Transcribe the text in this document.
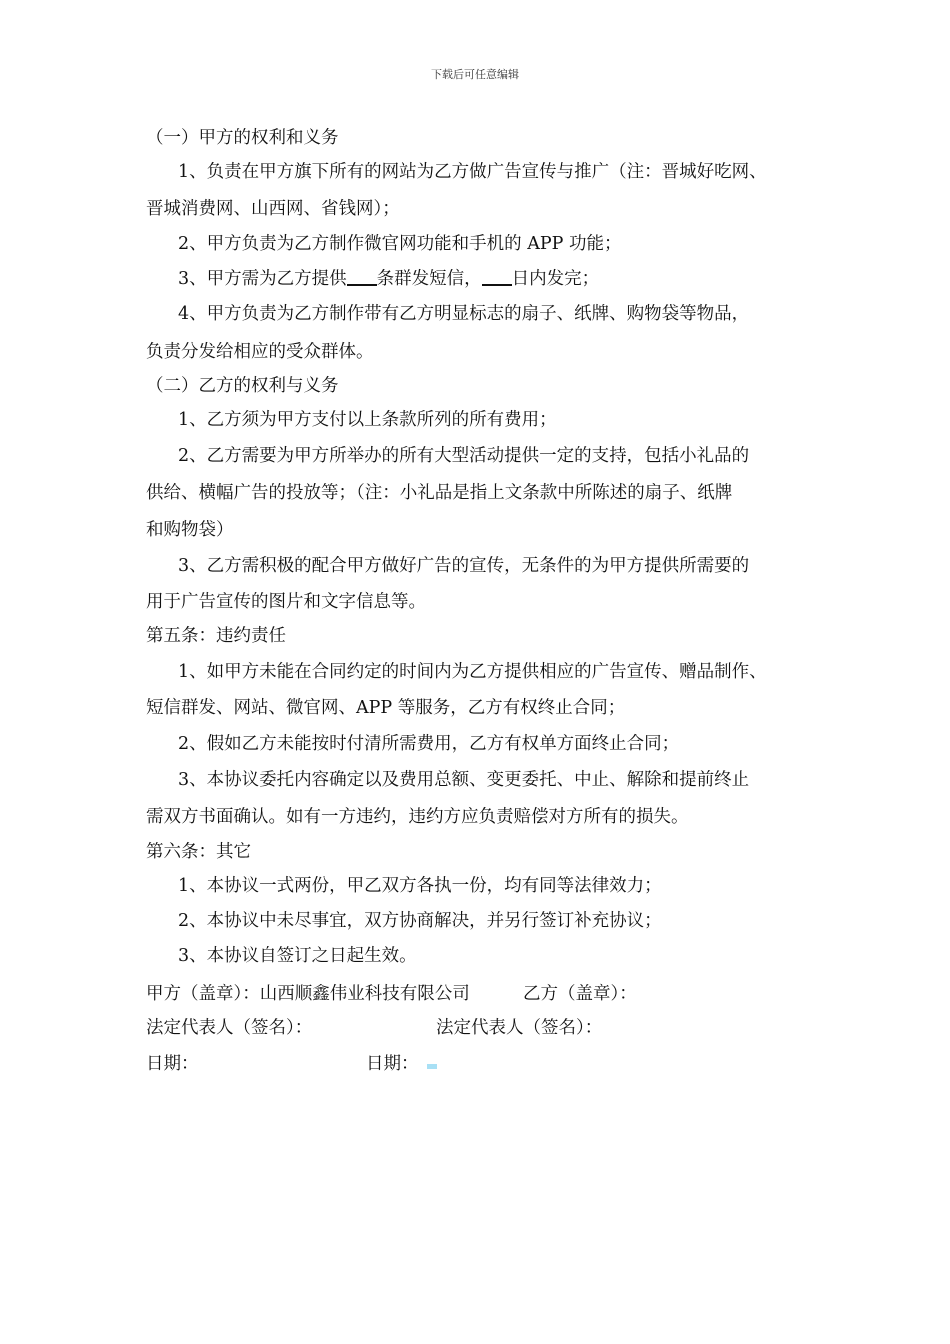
下载后可任意编辑
（一）甲方的权利和义务
1、负责在甲方旗下所有的网站为乙方做广告宣传与推广（注：晋城好吃网、
晋城消费网、山西网、省钱网）；
2、甲方负责为乙方制作微官网功能和手机的 APP 功能；
3、甲方需为乙方提供 条群发短信， 日内发完；
4、甲方负责为乙方制作带有乙方明显标志的扇子、纸牌、购物袋等物品，
负责分发给相应的受众群体。
（二）乙方的权利与义务
1、乙方须为甲方支付以上条款所列的所有费用；
2、乙方需要为甲方所举办的所有大型活动提供一定的支持，包括小礼品的
供给、横幅广告的投放等；（注：小礼品是指上文条款中所陈述的扇子、纸牌
和购物袋）
3、乙方需积极的配合甲方做好广告的宣传，无条件的为甲方提供所需要的
用于广告宣传的图片和文字信息等。
第五条：违约责任
1、如甲方未能在合同约定的时间内为乙方提供相应的广告宣传、赠品制作、
短信群发、网站、微官网、APP 等服务，乙方有权终止合同；
2、假如乙方未能按时付清所需费用，乙方有权单方面终止合同；
3、本协议委托内容确定以及费用总额、变更委托、中止、解除和提前终止
需双方书面确认。如有一方违约，违约方应负责赔偿对方所有的损失。
第六条：其它
1、本协议一式两份，甲乙双方各执一份，均有同等法律效力；
2、本协议中未尽事宜，双方协商解决，并另行签订补充协议；
3、本协议自签订之日起生效。
甲方（盖章）：山西顺鑫伟业科技有限公司	乙方（盖章）：
法定代表人（签名）：	法定代表人（签名）：
日期：	日期：
